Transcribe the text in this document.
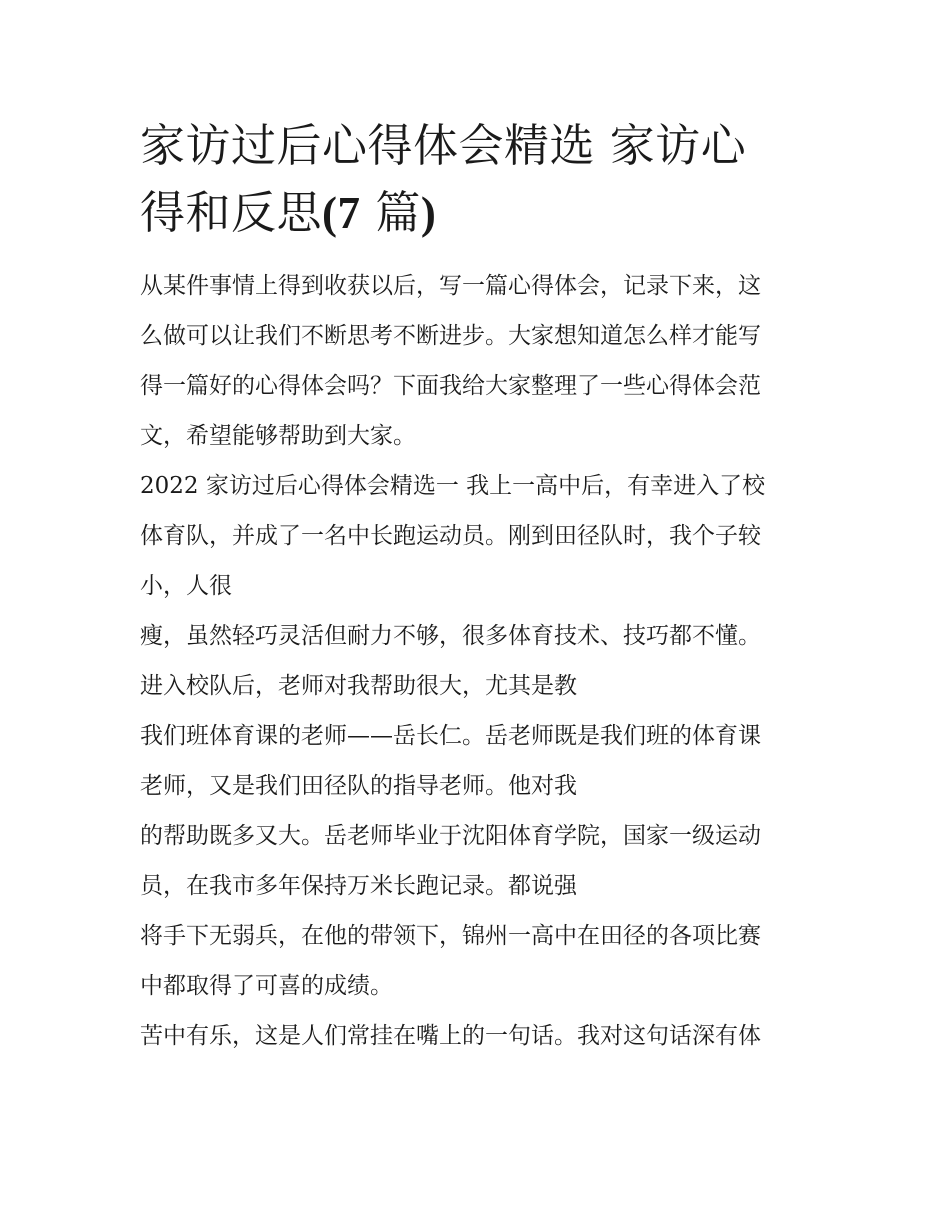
家访过后心得体会精选 家访心
得和反思(7 篇)

从某件事情上得到收获以后，写一篇心得体会，记录下来，这
么做可以让我们不断思考不断进步。大家想知道怎么样才能写
得一篇好的心得体会吗？下面我给大家整理了一些心得体会范
文，希望能够帮助到大家。

2022 家访过后心得体会精选一 我上一高中后，有幸进入了校
体育队，并成了一名中长跑运动员。刚到田径队时，我个子较
小，人很

瘦，虽然轻巧灵活但耐力不够，很多体育技术、技巧都不懂。
进入校队后，老师对我帮助很大，尤其是教

我们班体育课的老师——岳长仁。岳老师既是我们班的体育课
老师，又是我们田径队的指导老师。他对我

的帮助既多又大。岳老师毕业于沈阳体育学院，国家一级运动
员，在我市多年保持万米长跑记录。都说强

将手下无弱兵，在他的带领下，锦州一高中在田径的各项比赛
中都取得了可喜的成绩。

苦中有乐，这是人们常挂在嘴上的一句话。我对这句话深有体
